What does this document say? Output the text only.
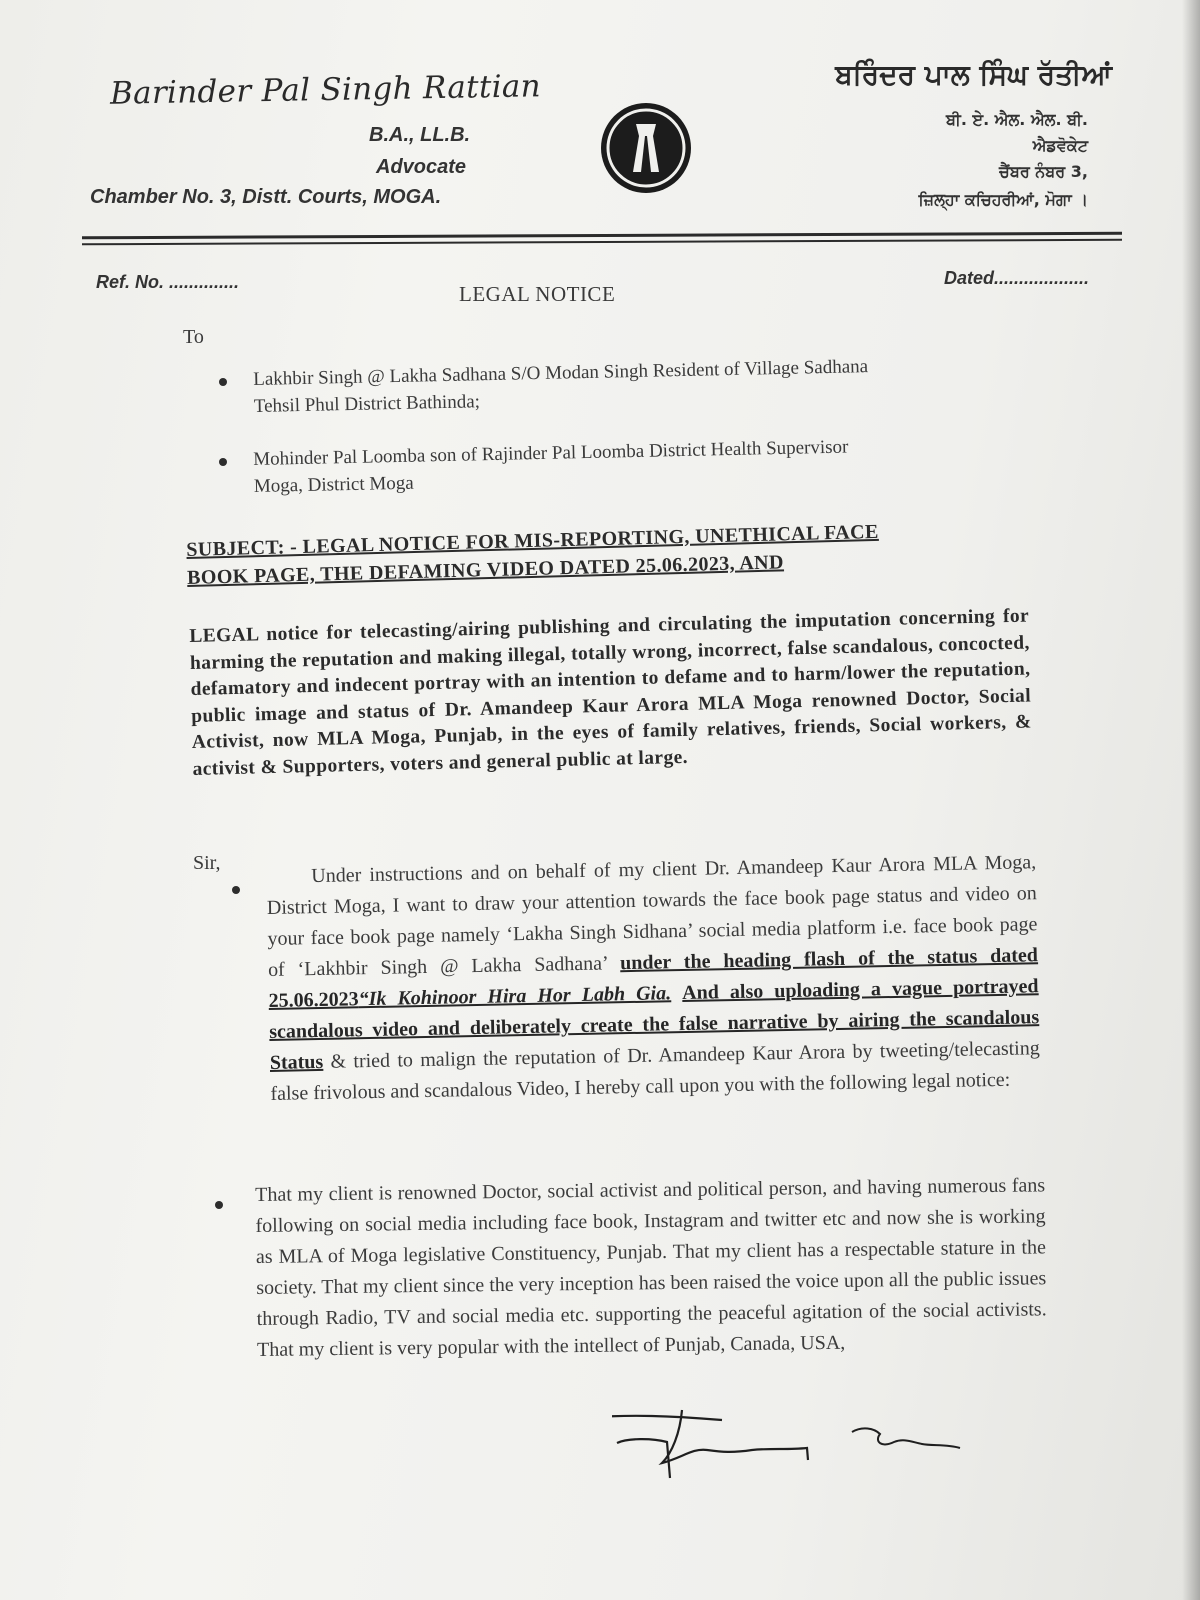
Barinder Pal Singh Rattian
B.A., LL.B.
Advocate
Chamber No. 3, Distt. Courts, MOGA.
ਬਰਿੰਦਰ ਪਾਲ ਸਿੰਘ ਰੱਤੀਆਂ
ਬੀ. ਏ. ਐਲ. ਐਲ. ਬੀ.
ਐਡਵੋਕੇਟ
ਚੈਂਬਰ ਨੰਬਰ 3,
ਜ਼ਿਲ੍ਹਾ ਕਚਿਹਰੀਆਂ, ਮੋਗਾ ।
Ref. No. ..............	Dated...................
LEGAL NOTICE
To
Lakhbir Singh @ Lakha Sadhana S/O Modan Singh Resident of Village Sadhana
Tehsil Phul District Bathinda;
Mohinder Pal Loomba son of Rajinder Pal Loomba District Health Supervisor
Moga, District Moga
SUBJECT: - LEGAL NOTICE FOR MIS-REPORTING, UNETHICAL FACE
BOOK PAGE, THE DEFAMING VIDEO DATED 25.06.2023, AND
LEGAL notice for telecasting/airing publishing and circulating the imputation concerning for harming the reputation and making illegal, totally wrong, incorrect, false scandalous, concocted, defamatory and indecent portray with an intention to defame and to harm/lower the reputation, public image and status of Dr. Amandeep Kaur Arora MLA Moga renowned Doctor, Social Activist, now MLA Moga, Punjab, in the eyes of family relatives, friends, Social workers, & activist & Supporters, voters and general public at large.
Sir,	Under instructions and on behalf of my client Dr. Amandeep Kaur Arora MLA Moga, District Moga, I want to draw your attention towards the face book page status and video on your face book page namely ‘Lakha Singh Sidhana’ social media platform i.e. face book page of ‘Lakhbir Singh @ Lakha Sadhana’ under the heading flash of the status dated 25.06.2023“Ik Kohinoor Hira Hor Labh Gia. And also uploading a vague portrayed scandalous video and deliberately create the false narrative by airing the scandalous Status & tried to malign the reputation of Dr. Amandeep Kaur Arora by tweeting/telecasting false frivolous and scandalous Video, I hereby call upon you with the following legal notice:
That my client is renowned Doctor, social activist and political person, and having numerous fans following on social media including face book, Instagram and twitter etc and now she is working as MLA of Moga legislative Constituency, Punjab. That my client has a respectable stature in the society. That my client since the very inception has been raised the voice upon all the public issues through Radio, TV and social media etc. supporting the peaceful agitation of the social activists. That my client is very popular with the intellect of Punjab, Canada, USA,
